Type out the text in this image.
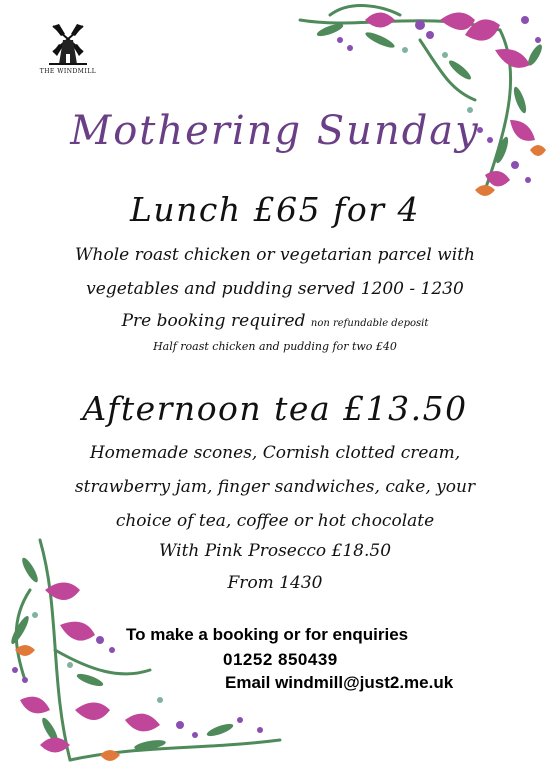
THE WINDMILL
Mothering Sunday
Lunch £65 for 4
Whole roast chicken or vegetarian parcel with
vegetables and pudding served 1200 - 1230
Pre booking required non refundable deposit
Half roast chicken and pudding for two £40
Afternoon tea £13.50
Homemade scones, Cornish clotted cream,
strawberry jam, finger sandwiches, cake, your
choice of tea, coffee or hot chocolate
With Pink Prosecco £18.50
From 1430
To make a booking or for enquiries
01252 850439
Email windmill@just2.me.uk
